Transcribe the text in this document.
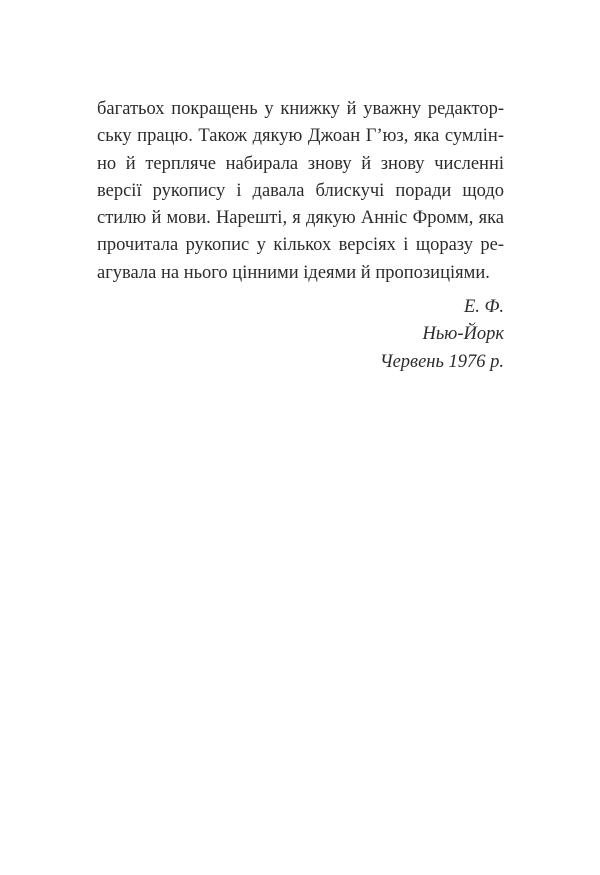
багатьох покращень у книжку й уважну редактор-
ську працю. Також дякую Джоан Г’юз, яка сумлін-
но й терпляче набирала знову й знову численні
версії рукопису і давала блискучі поради щодо
стилю й мови. Нарешті, я дякую Анніс Фромм, яка
прочитала рукопис у кількох версіях і щоразу ре-
агувала на нього цінними ідеями й пропозиціями.
Е. Ф.
Нью-Йорк
Червень 1976 р.
